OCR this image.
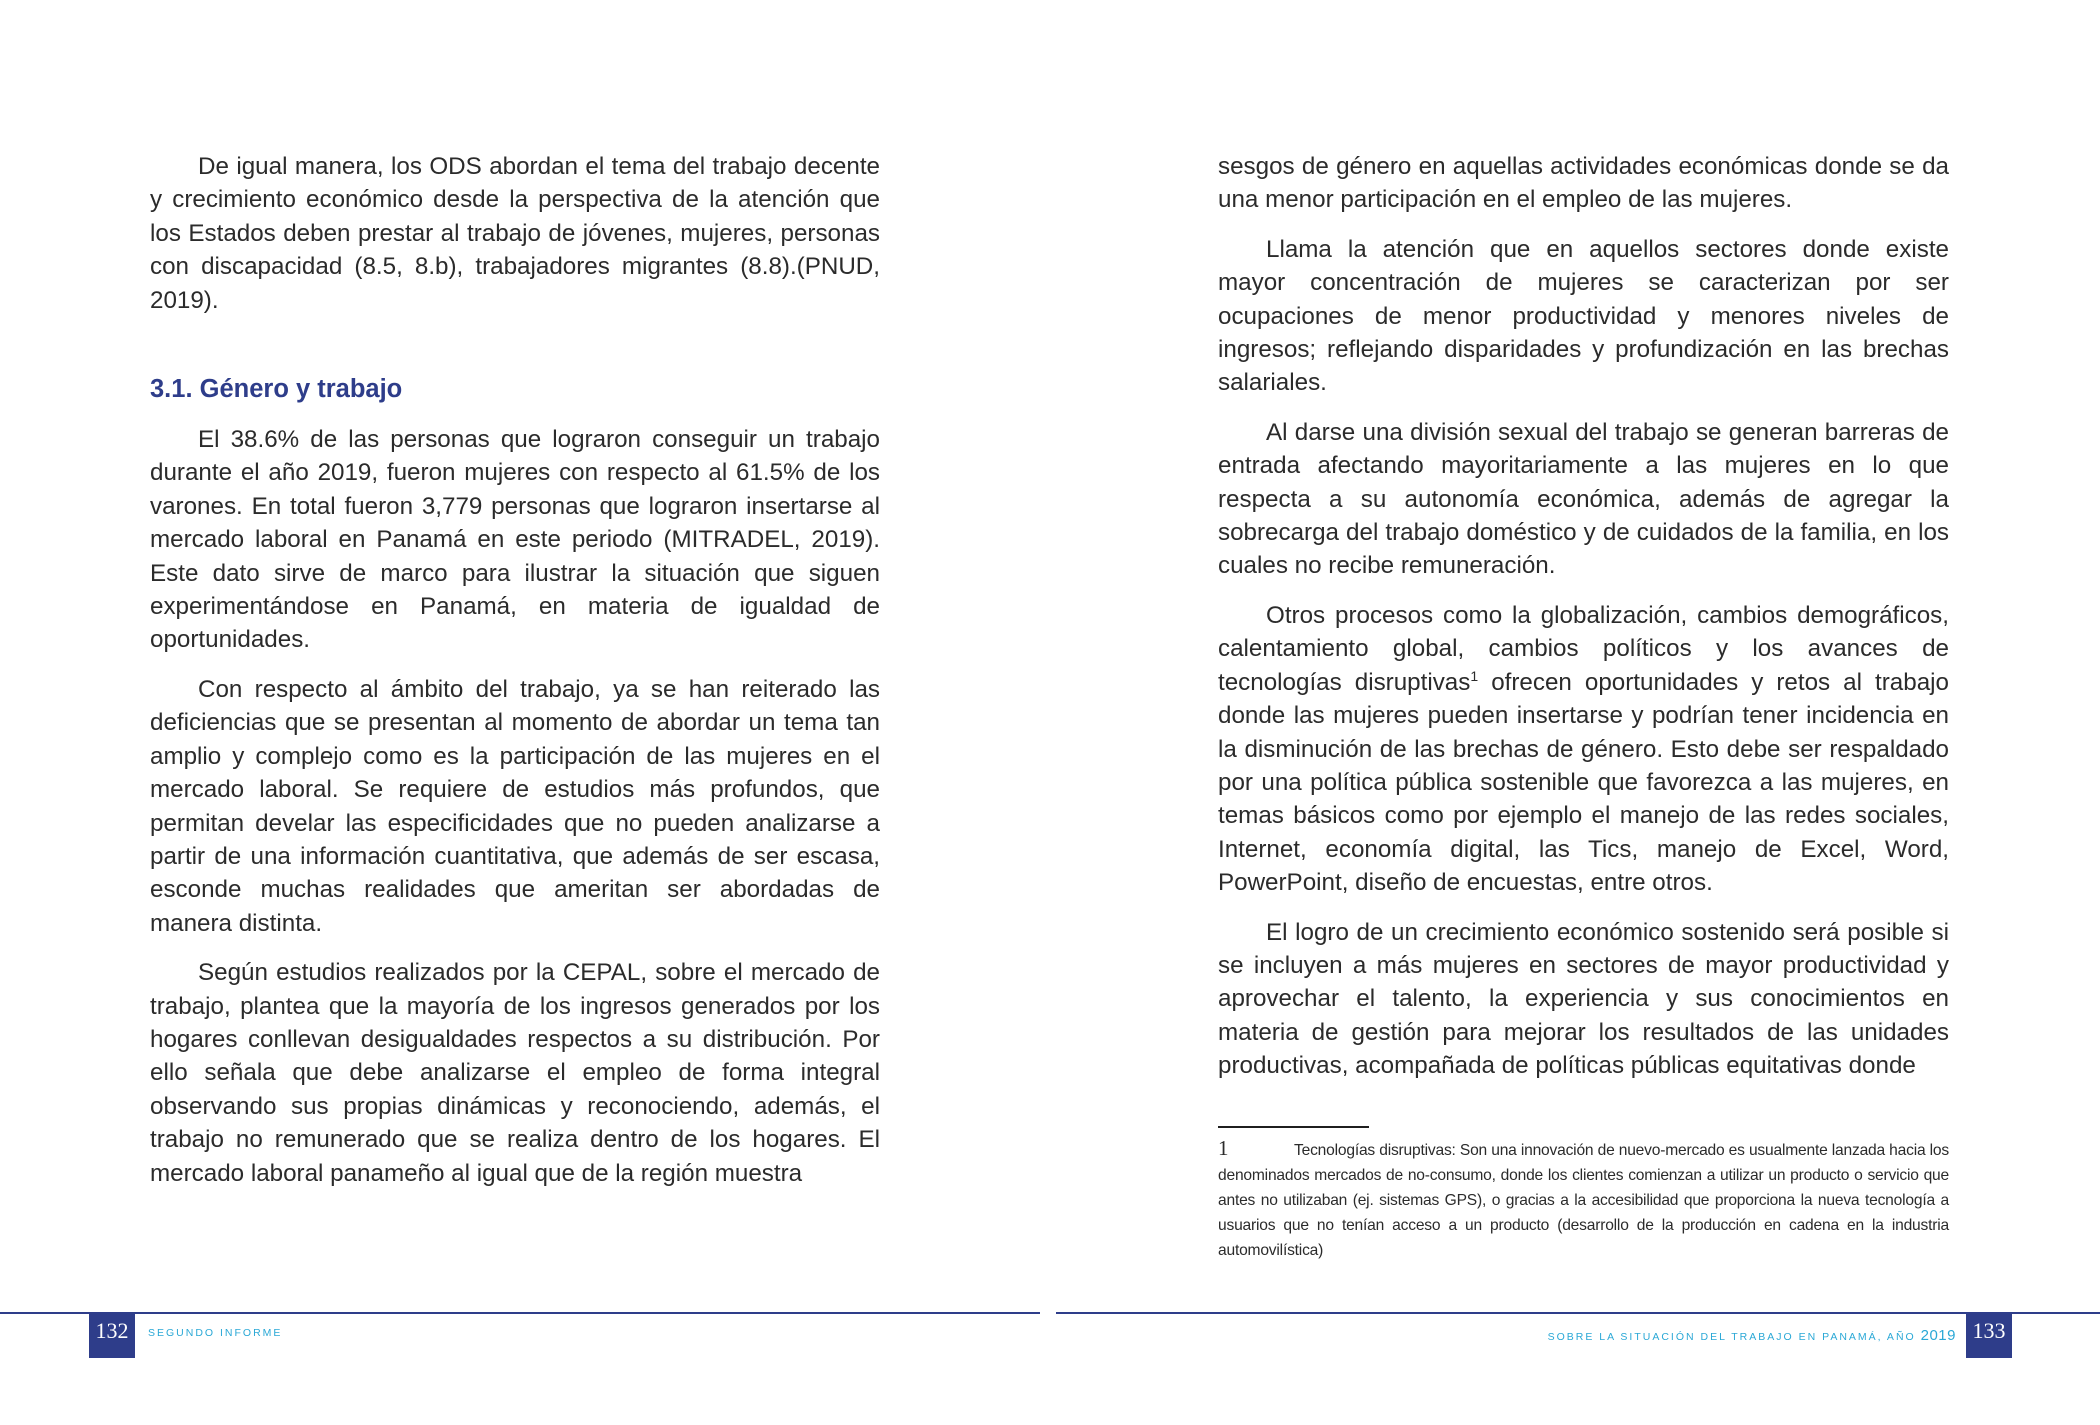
De igual manera, los ODS abordan el tema del trabajo decente y crecimiento económico desde la perspectiva de la atención que los Estados deben prestar al trabajo de jóvenes, mujeres, personas con discapacidad (8.5, 8.b), trabajadores migrantes (8.8).(PNUD, 2019).

3.1. Género y trabajo

El 38.6% de las personas que lograron conseguir un trabajo durante el año 2019, fueron mujeres con respecto al 61.5% de los varones. En total fueron 3,779 personas que lograron insertarse al mercado laboral en Panamá en este periodo (MITRADEL, 2019). Este dato sirve de marco para ilustrar la situación que siguen experimentándose en Panamá, en materia de igualdad de oportunidades.

Con respecto al ámbito del trabajo, ya se han reiterado las deficiencias que se presentan al momento de abordar un tema tan amplio y complejo como es la participación de las mujeres en el mercado laboral. Se requiere de estudios más profundos, que permitan develar las especificidades que no pueden analizarse a partir de una información cuantitativa, que además de ser escasa, esconde muchas realidades que ameritan ser abordadas de manera distinta.

Según estudios realizados por la CEPAL, sobre el mercado de trabajo, plantea que la mayoría de los ingresos generados por los hogares conllevan desigualdades respectos a su distribución. Por ello señala que debe analizarse el empleo de forma integral observando sus propias dinámicas y reconociendo, además, el trabajo no remunerado que se realiza dentro de los hogares. El mercado laboral panameño al igual que de la región muestra

sesgos de género en aquellas actividades económicas donde se da una menor participación en el empleo de las mujeres.

Llama la atención que en aquellos sectores donde existe mayor concentración de mujeres se caracterizan por ser ocupaciones de menor productividad y menores niveles de ingresos; reflejando disparidades y profundización en las brechas salariales.

Al darse una división sexual del trabajo se generan barreras de entrada afectando mayoritariamente a las mujeres en lo que respecta a su autonomía económica, además de agregar la sobrecarga del trabajo doméstico y de cuidados de la familia, en los cuales no recibe remuneración.

Otros procesos como la globalización, cambios demográficos, calentamiento global, cambios políticos y los avances de tecnologías disruptivas$^1$ ofrecen oportunidades y retos al trabajo donde las mujeres pueden insertarse y podrían tener incidencia en la disminución de las brechas de género. Esto debe ser respaldado por una política pública sostenible que favorezca a las mujeres, en temas básicos como por ejemplo el manejo de las redes sociales, Internet, economía digital, las Tics, manejo de Excel, Word, PowerPoint, diseño de encuestas, entre otros.

El logro de un crecimiento económico sostenido será posible si se incluyen a más mujeres en sectores de mayor productividad y aprovechar el talento, la experiencia y sus conocimientos en materia de gestión para mejorar los resultados de las unidades productivas, acompañada de políticas públicas equitativas donde

1	Tecnologías disruptivas: Son una innovación de nuevo-mercado es usualmente lanzada hacia los denominados mercados de no-consumo, donde los clientes comienzan a utilizar un producto o servicio que antes no utilizaban (ej. sistemas GPS), o gracias a la accesibilidad que proporciona la nueva tecnología a usuarios que no tenían acceso a un producto (desarrollo de la producción en cadena en la industria automovilística)
132	SEGUNDO INFORME	SOBRE LA SITUACIÓN DEL TRABAJO EN PANAMÁ, AÑO 2019 133
